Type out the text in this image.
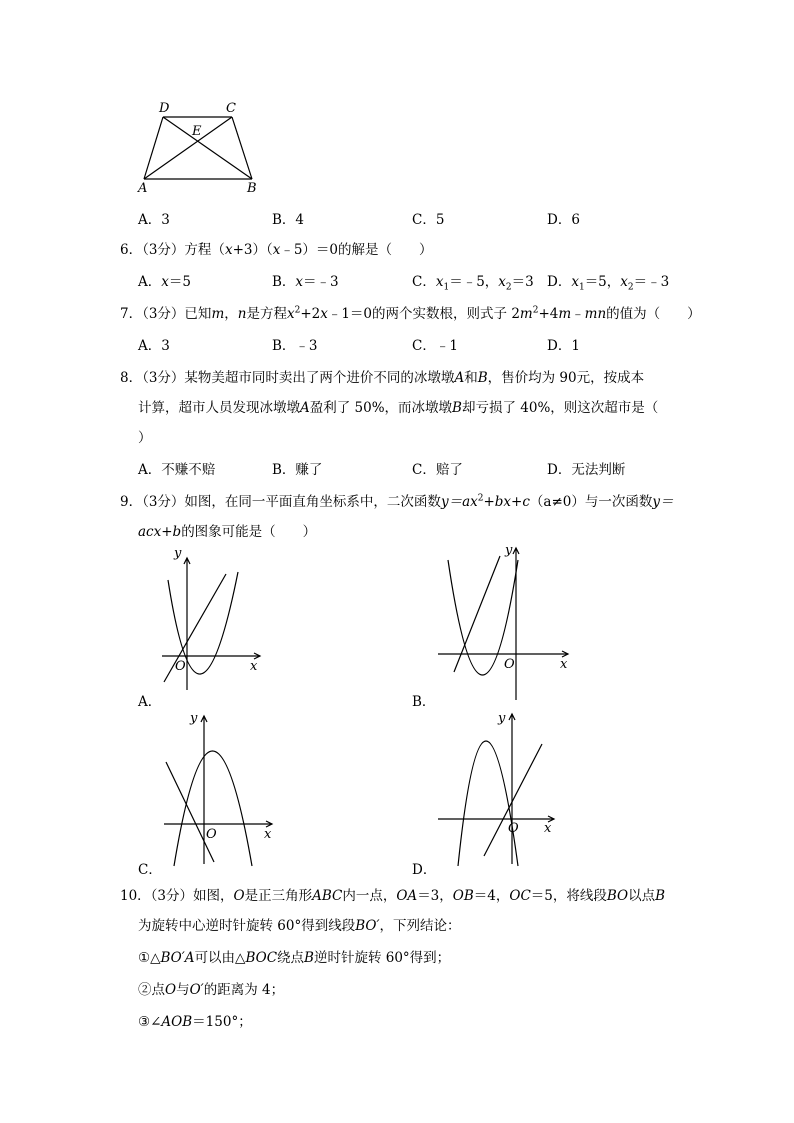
D	C
E
A	B
A．3	B．4	C．5	D．6
6．（3分）方程（x+3）（x﹣5）＝0的解是（　　）
A．x＝5	B．x＝﹣3	C．$x_1=﹣5$，$x_2=3$ D．$x_1=5$，$x_2=﹣3$
7．（3分）已知m，n是方程$x^2+2x﹣1=0$的两个实数根，则式子 $2m^2+4m﹣mn$的值为（　　）
A．3	B．﹣3	C．﹣1	D．1
8．（3分）某物美超市同时卖出了两个进价不同的冰墩墩A和B，售价均为 90元，按成本
计算，超市人员发现冰墩墩A盈利了 50%，而冰墩墩B却亏损了 40%，则这次超市是（
）
A．不赚不赔	B．赚了	C．赔了	D．无法判断
9．（3分）如图，在同一平面直角坐标系中，二次函数$y=ax^2+bx+c(a\ne 0)$与一次函数y＝
acx+b的图象可能是（　　）
y
x
O
A．
y
x
O
B．
y
x
O
C．
y
x
O
D．
10．（3分）如图，O是正三角形ABC内一点，OA＝3，OB＝4，OC＝5，将线段BO以点B
为旋转中心逆时针旋转 60°得到线段BO′，下列结论：
①△BO′A可以由△BOC绕点B逆时针旋转 60°得到；
②点O与O′的距离为 4；
③∠AOB＝150°；
